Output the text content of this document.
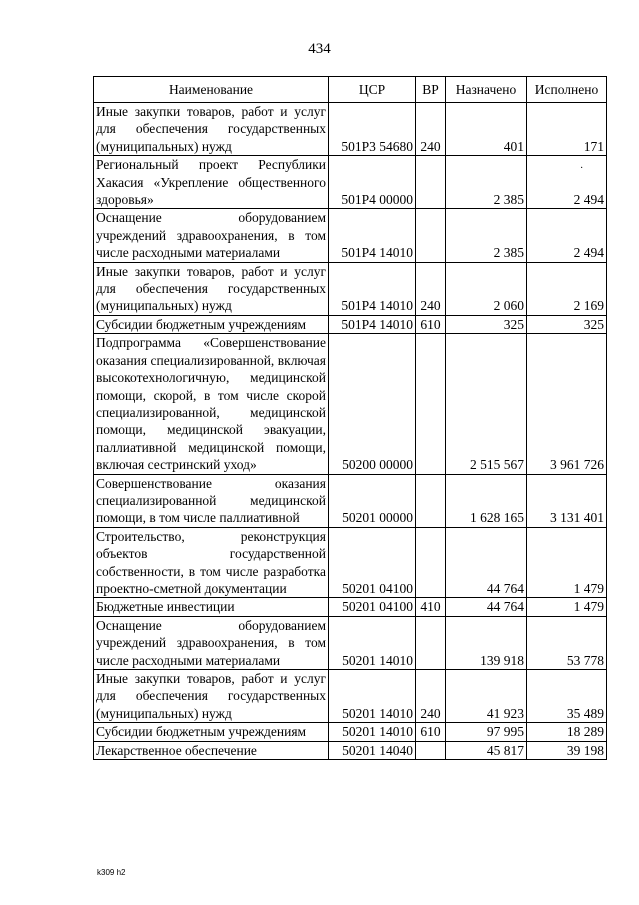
434
·
Наименование	ЦСР	ВР	Назначено	Исполнено
Иные закупки товаров, работ и услуг для обеспечения государственных (муниципальных) нужд	501P3 54680	240	401	171
Региональный проект Республики Хакасия «Укрепление общественного здоровья»	501P4 00000		2 385	2 494
Оснащение оборудованием учреждений здравоохранения, в том числе расходными материалами	501P4 14010		2 385	2 494
Иные закупки товаров, работ и услуг для обеспечения государственных (муниципальных) нужд	501P4 14010	240	2 060	2 169
Субсидии бюджетным учреждениям	501P4 14010	610	325	325
Подпрограмма «Совершенствование оказания специализированной, включая высокотехнологичную, медицинской помощи, скорой, в том числе скорой специализированной, медицинской помощи, медицинской эвакуации, паллиативной медицинской помощи, включая сестринский уход»	50200 00000		2 515 567	3 961 726
Совершенствование оказания специализированной медицинской помощи, в том числе паллиативной	50201 00000		1 628 165	3 131 401
Строительство, реконструкция объектов государственной собственности, в том числе разработка проектно-сметной документации	50201 04100		44 764	1 479
Бюджетные инвестиции	50201 04100	410	44 764	1 479
Оснащение оборудованием учреждений здравоохранения, в том числе расходными материалами	50201 14010		139 918	53 778
Иные закупки товаров, работ и услуг для обеспечения государственных (муниципальных) нужд	50201 14010	240	41 923	35 489
Субсидии бюджетным учреждениям	50201 14010	610	97 995	18 289
Лекарственное обеспечение	50201 14040		45 817	39 198
k309 h2
